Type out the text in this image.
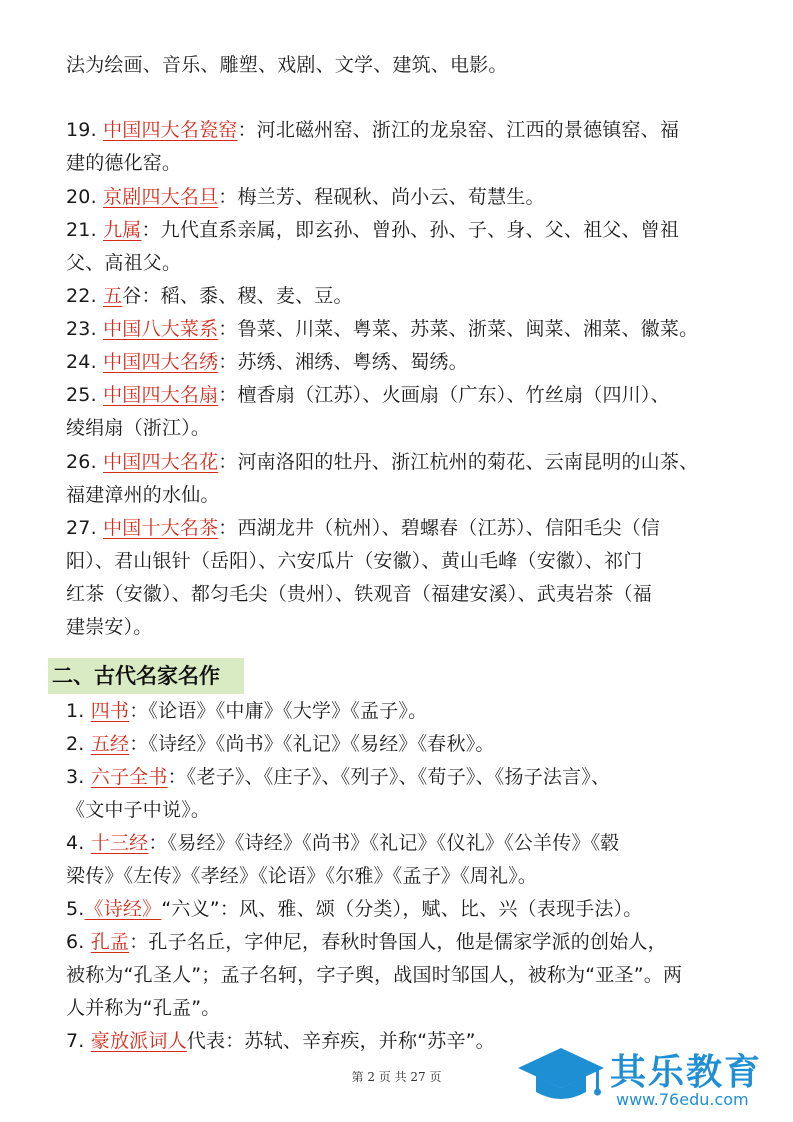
二、古代名家名作
第 2 页 共 27 页	其乐教育
www.76edu.com
法为绘画、音乐、雕塑、戏剧、文学、建筑、电影。
19. 中国四大名瓷窑：河北磁州窑、浙江的龙泉窑、江西的景德镇窑、福
建的德化窑。
20. 京剧四大名旦：梅兰芳、程砚秋、尚小云、荀慧生。
21. 九属：九代直系亲属，即玄孙、曾孙、孙、子、身、父、祖父、曾祖
父、高祖父。
22. 五谷：稻、黍、稷、麦、豆。
23. 中国八大菜系：鲁菜、川菜、粤菜、苏菜、浙菜、闽菜、湘菜、徽菜。
24. 中国四大名绣：苏绣、湘绣、粤绣、蜀绣。
25. 中国四大名扇：檀香扇（江苏）、火画扇（广东）、竹丝扇（四川）、
绫绢扇（浙江）。
26. 中国四大名花：河南洛阳的牡丹、浙江杭州的菊花、云南昆明的山茶、
福建漳州的水仙。
27. 中国十大名茶：西湖龙井（杭州）、碧螺春（江苏）、信阳毛尖（信
阳）、君山银针（岳阳）、六安瓜片（安徽）、黄山毛峰（安徽）、祁门
红茶（安徽）、都匀毛尖（贵州）、铁观音（福建安溪）、武夷岩茶（福
建崇安）。
1. 四书：《论语》《中庸》《大学》《孟子》。
2. 五经：《诗经》《尚书》《礼记》《易经》《春秋》。
3. 六子全书：《老子》、《庄子》、《列子》、《荀子》、《扬子法言》、
《文中子中说》。
4. 十三经：《易经》《诗经》《尚书》《礼记》《仪礼》《公羊传》《毂
梁传》《左传》《孝经》《论语》《尔雅》《孟子》《周礼》。
5.《诗经》“六义”：风、雅、颂（分类），赋、比、兴（表现手法）。
6. 孔孟：孔子名丘，字仲尼，春秋时鲁国人，他是儒家学派的创始人，
被称为“孔圣人”；孟子名轲，字子舆，战国时邹国人，被称为“亚圣”。两
人并称为“孔孟”。
7. 豪放派词人代表：苏轼、辛弃疾，并称“苏辛”。
